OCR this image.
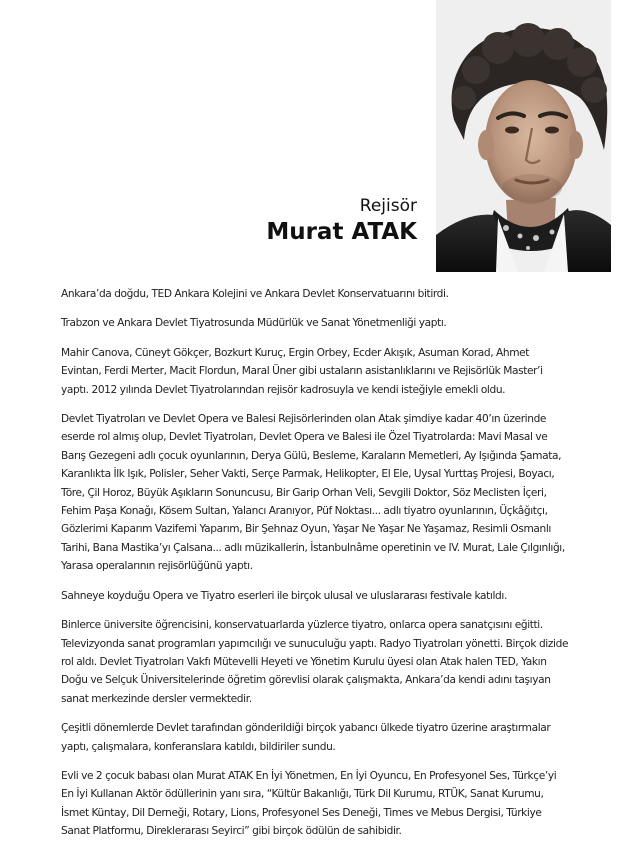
Rejisör
Murat ATAK

Ankara’da doğdu, TED Ankara Kolejini ve Ankara Devlet Konservatuarını bitirdi.

Trabzon ve Ankara Devlet Tiyatrosunda Müdürlük ve Sanat Yönetmenliği yaptı.

Mahir Canova, Cüneyt Gökçer, Bozkurt Kuruç, Ergin Orbey, Ecder Akışık, Asuman Korad, Ahmet Evintan, Ferdi Merter, Macit Flordun, Maral Üner gibi ustaların asistanlıklarını ve Rejisörlük Master’i yaptı. 2012 yılında Devlet Tiyatrolarından rejisör kadrosuyla ve kendi isteğiyle emekli oldu.

Devlet Tiyatroları ve Devlet Opera ve Balesi Rejisörlerinden olan Atak şimdiye kadar 40’ın üzerinde eserde rol almış olup, Devlet Tiyatroları, Devlet Opera ve Balesi ile Özel Tiyatrolarda: Mavi Masal ve Barış Gezegeni adlı çocuk oyunlarının, Derya Gülü, Besleme, Karaların Memetleri, Ay Işığında Şamata, Karanlıkta İlk Işık, Polisler, Seher Vakti, Serçe Parmak, Helikopter, El Ele, Uysal Yurttaş Projesi, Boyacı, Töre, Çil Horoz, Büyük Aşıkların Sonuncusu, Bir Garip Orhan Veli, Sevgili Doktor, Söz Meclisten İçeri, Fehim Paşa Konağı, Kösem Sultan, Yalancı Aranıyor, Püf Noktası... adlı tiyatro oyunlarının, Üçkâğıtçı, Gözlerimi Kaparım Vazifemi Yaparım, Bir Şehnaz Oyun, Yaşar Ne Yaşar Ne Yaşamaz, Resimli Osmanlı Tarihi, Bana Mastika’yı Çalsana... adlı müzikallerin, İstanbulnâme operetinin ve IV. Murat, Lale Çılgınlığı, Yarasa operalarının rejisörlüğünü yaptı.

Sahneye koyduğu Opera ve Tiyatro eserleri ile birçok ulusal ve uluslararası festivale katıldı.

Binlerce üniversite öğrencisini, konservatuarlarda yüzlerce tiyatro, onlarca opera sanatçısını eğitti. Televizyonda sanat programları yapımcılığı ve sunuculuğu yaptı. Radyo Tiyatroları yönetti. Birçok dizide rol aldı. Devlet Tiyatroları Vakfı Mütevelli Heyeti ve Yönetim Kurulu üyesi olan Atak halen TED, Yakın Doğu ve Selçuk Üniversitelerinde öğretim görevlisi olarak çalışmakta, Ankara’da kendi adını taşıyan sanat merkezinde dersler vermektedir.

Çeşitli dönemlerde Devlet tarafından gönderildiği birçok yabancı ülkede tiyatro üzerine araştırmalar yaptı, çalışmalara, konferanslara katıldı, bildiriler sundu.

Evli ve 2 çocuk babası olan Murat ATAK En İyi Yönetmen, En İyi Oyuncu, En Profesyonel Ses, Türkçe’yi En İyi Kullanan Aktör ödüllerinin yanı sıra, “Kültür Bakanlığı, Türk Dil Kurumu, RTÜK, Sanat Kurumu, İsmet Küntay, Dil Derneği, Rotary, Lions, Profesyonel Ses Deneği, Times ve Mebus Dergisi, Türkiye Sanat Platformu, Direklerarası Seyirci” gibi birçok ödülün de sahibidir.
